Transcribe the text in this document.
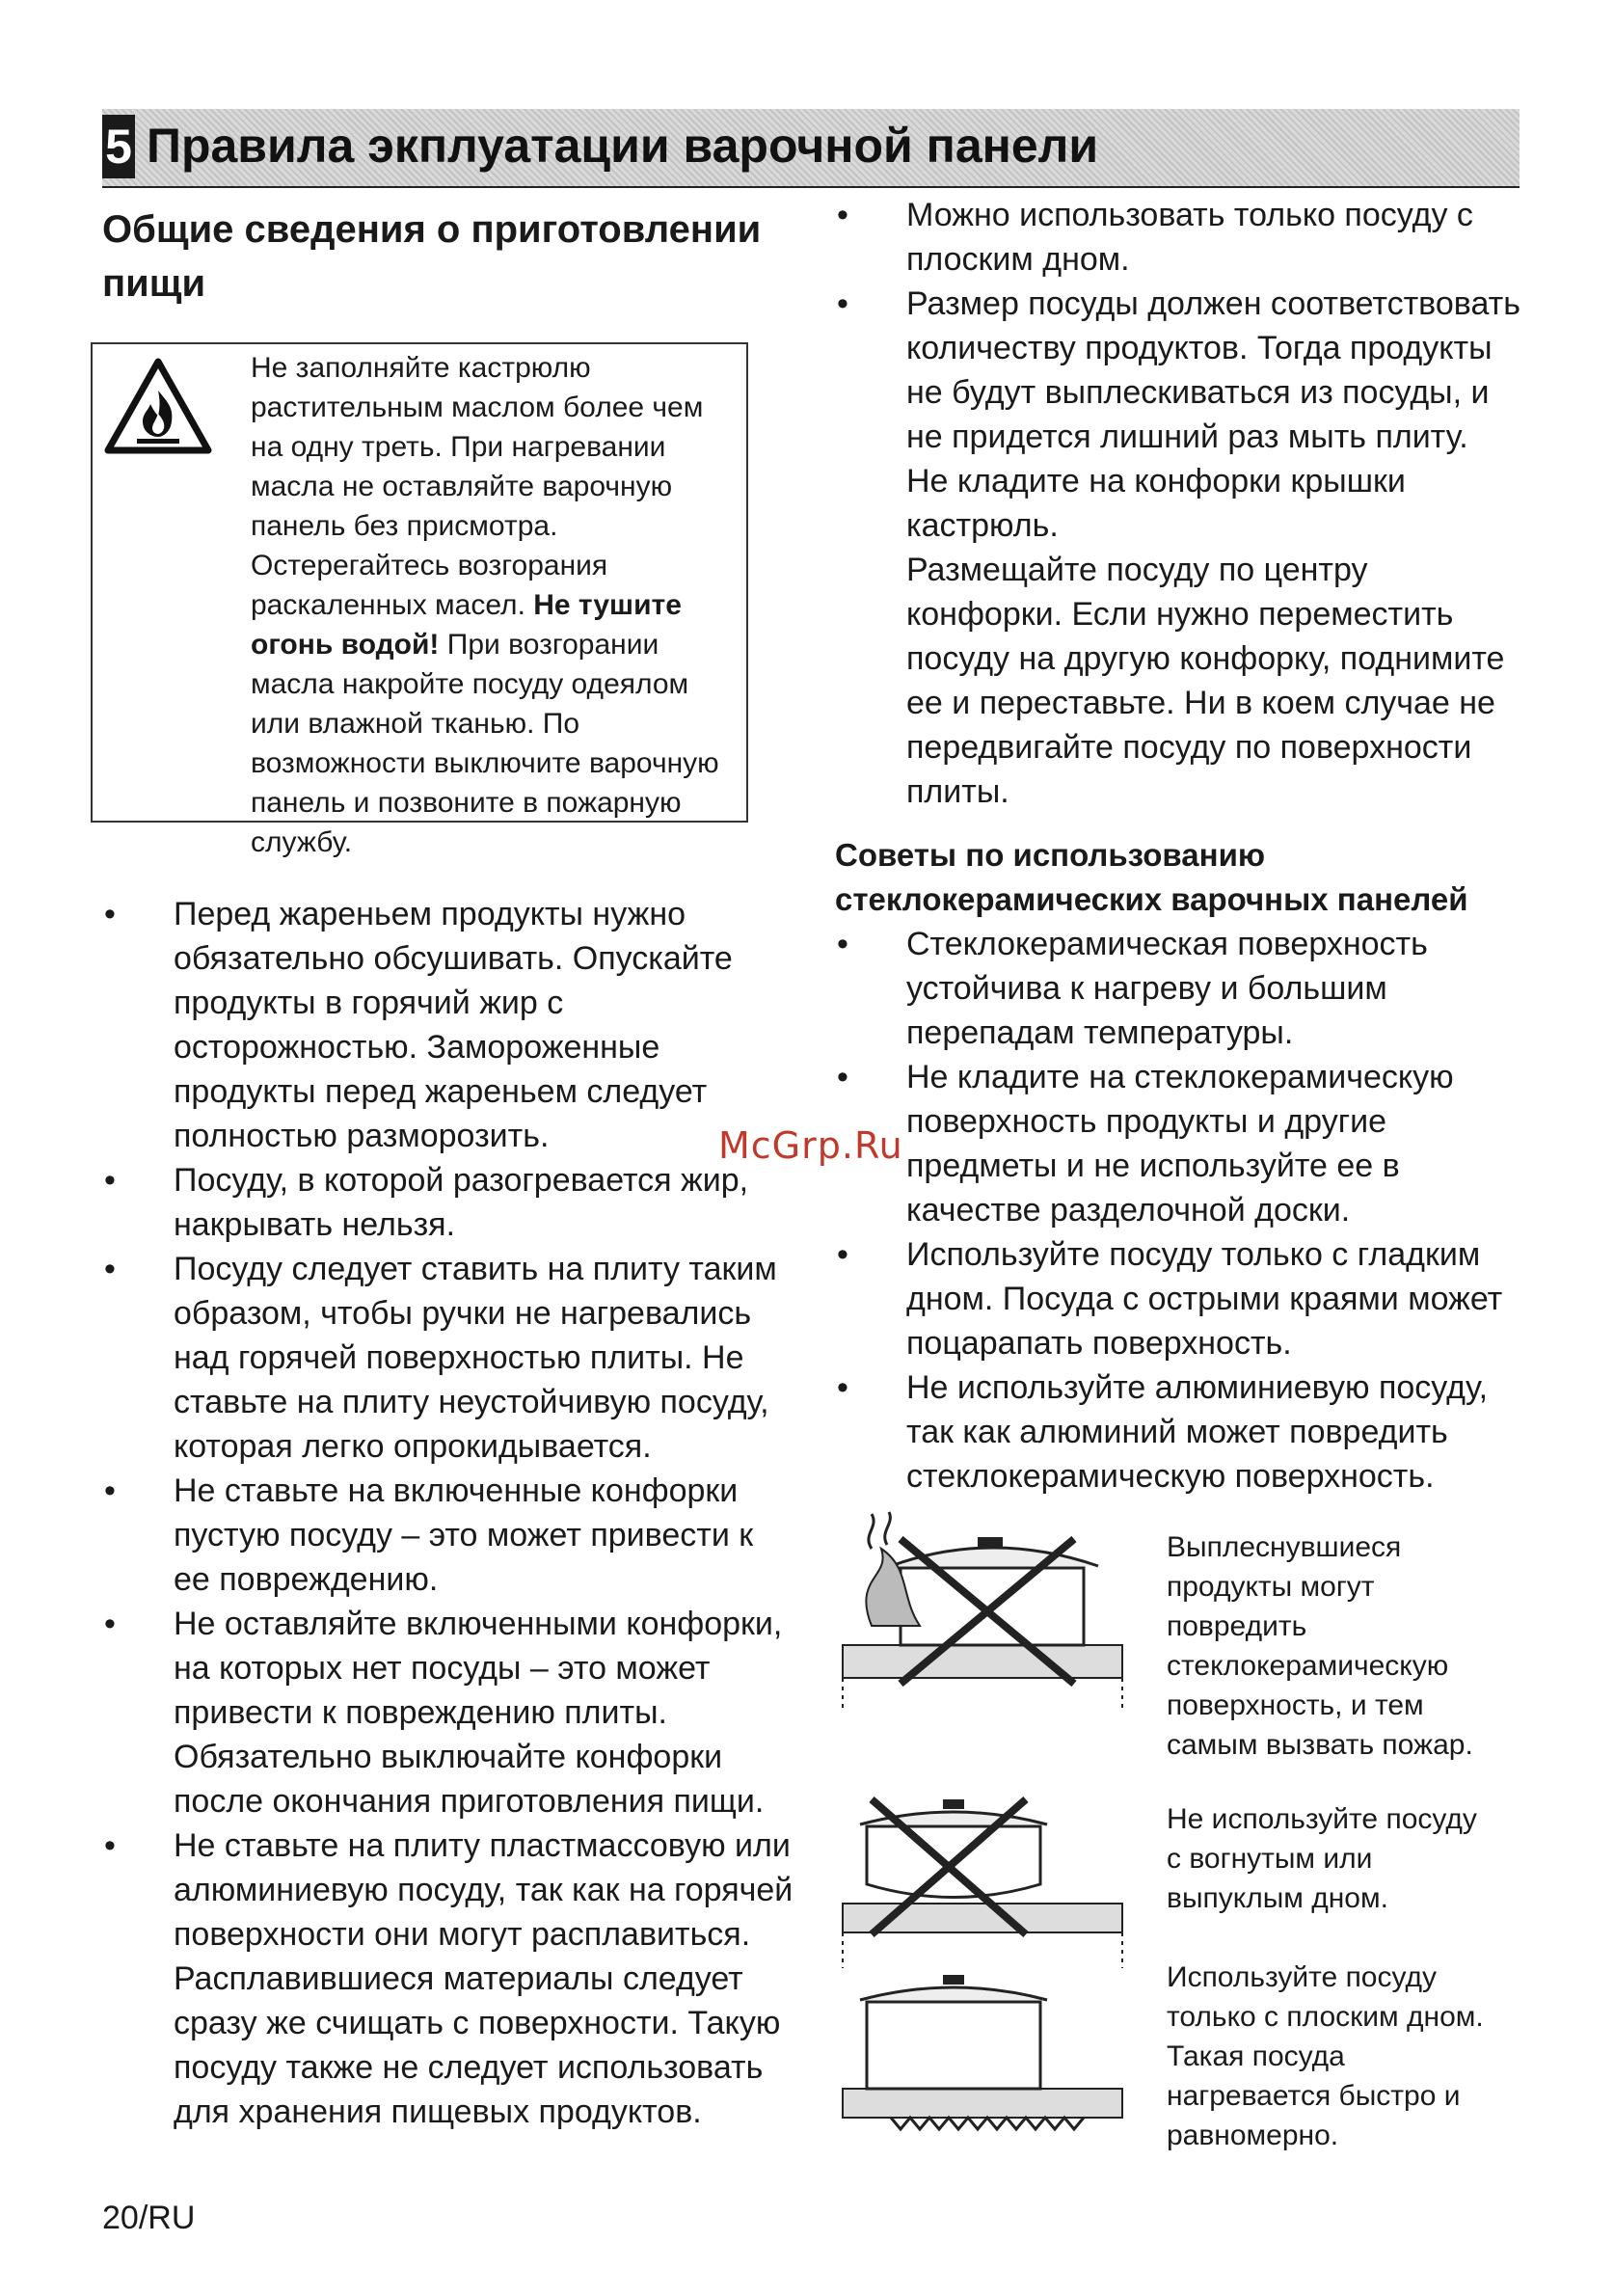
5 Правила экплуатации варочной панели
Общие сведения о приготовлении
пищи

Не заполняйте кастрюлю растительным маслом более чем на одну треть. При нагревании масла не оставляйте варочную панель без присмотра. Остерегайтесь возгорания раскаленных масел. Не тушите огонь водой! При возгорании масла накройте посуду одеялом или влажной тканью. По возможности выключите варочную панель и позвоните в пожарную службу.

• Перед жареньем продукты нужно обязательно обсушивать. Опускайте продукты в горячий жир с осторожностью. Замороженные продукты перед жареньем следует полностью разморозить.
• Посуду, в которой разогревается жир, накрывать нельзя.
• Посуду следует ставить на плиту таким образом, чтобы ручки не нагревались над горячей поверхностью плиты. Не ставьте на плиту неустойчивую посуду, которая легко опрокидывается.
• Не ставьте на включенные конфорки пустую посуду – это может привести к ее повреждению.
• Не оставляйте включенными конфорки, на которых нет посуды – это может привести к повреждению плиты. Обязательно выключайте конфорки после окончания приготовления пищи.
• Не ставьте на плиту пластмассовую или алюминиевую посуду, так как на горячей поверхности они могут расплавиться. Расплавившиеся материалы следует сразу же счищать с поверхности. Такую посуду также не следует использовать для хранения пищевых продуктов.
• Можно использовать только посуду с плоским дном.
• Размер посуды должен соответствовать количеству продуктов. Тогда продукты не будут выплескиваться из посуды, и не придется лишний раз мыть плиту.

Не кладите на конфорки крышки кастрюль.

Размещайте посуду по центру конфорки. Если нужно переместить посуду на другую конфорку, поднимите ее и переставьте. Ни в коем случае не передвигайте посуду по поверхности плиты.

Советы по использованию стеклокерамических варочных панелей
• Стеклокерамическая поверхность устойчива к нагреву и большим перепадам температуры.
• Не кладите на стеклокерамическую поверхность продукты и другие предметы и не используйте ее в качестве разделочной доски.
• Используйте посуду только с гладким дном. Посуда с острыми краями может поцарапать поверхность.
• Не используйте алюминиевую посуду, так как алюминий может повредить стеклокерамическую поверхность.
Выплеснувшиеся продукты могут повредить стеклокерамическую поверхность, и тем самым вызвать пожар.
Не используйте посуду с вогнутым или выпуклым дном.
Используйте посуду только с плоским дном. Такая посуда нагревается быстро и равномерно.
McGrp.Ru
20/RU
